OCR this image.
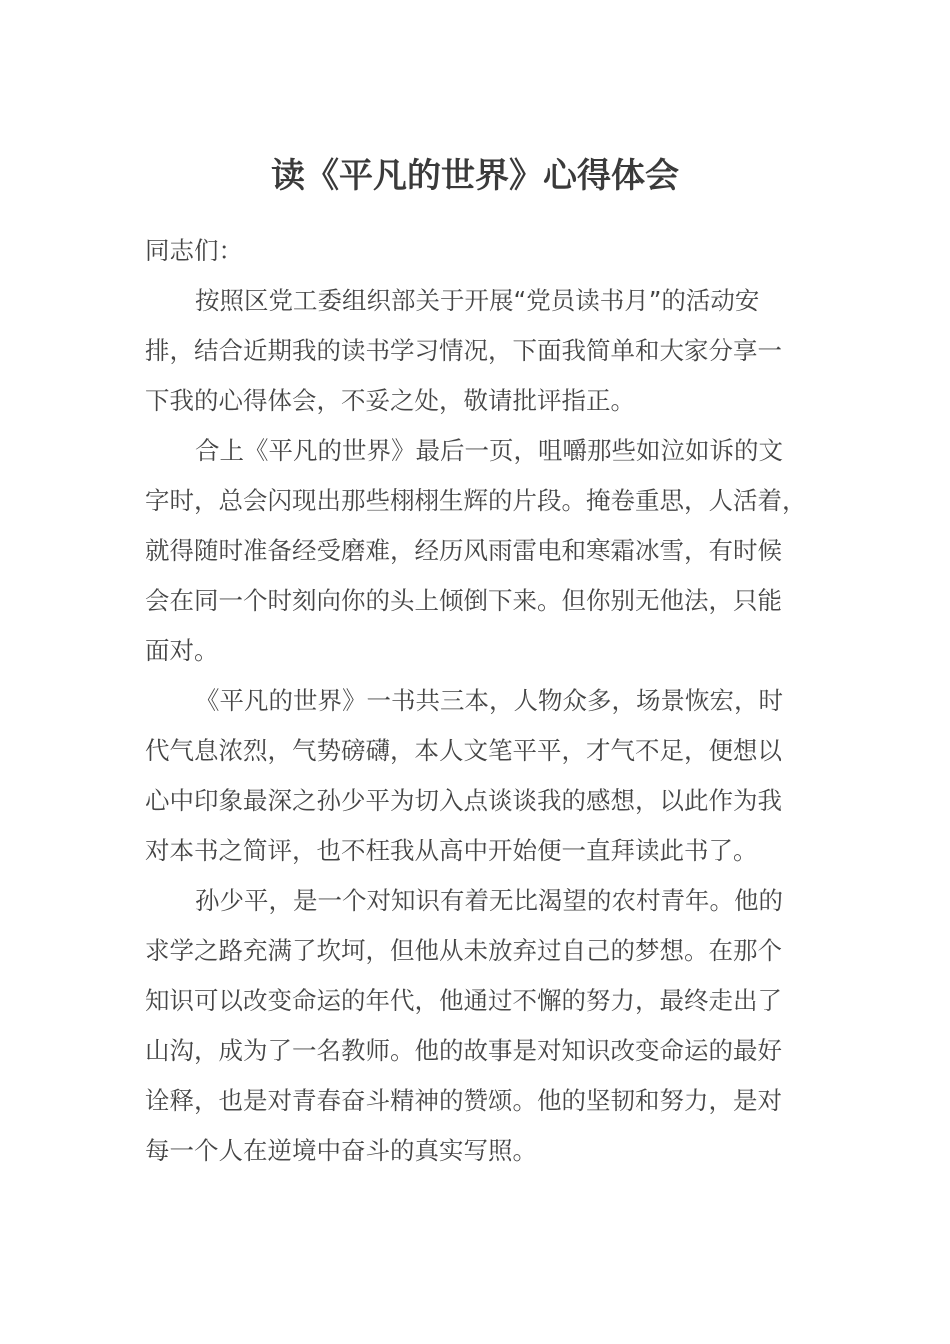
读《平凡的世界》心得体会

同志们：

按照区党工委组织部关于开展“党员读书月”的活动安
排，结合近期我的读书学习情况，下面我简单和大家分享一
下我的心得体会，不妥之处，敬请批评指正。

合上《平凡的世界》最后一页，咀嚼那些如泣如诉的文
字时，总会闪现出那些栩栩生辉的片段。掩卷重思，人活着，
就得随时准备经受磨难，经历风雨雷电和寒霜冰雪，有时候
会在同一个时刻向你的头上倾倒下来。但你别无他法，只能
面对。

《平凡的世界》一书共三本，人物众多，场景恢宏，时
代气息浓烈，气势磅礴，本人文笔平平，才气不足，便想以
心中印象最深之孙少平为切入点谈谈我的感想，以此作为我
对本书之简评，也不枉我从高中开始便一直拜读此书了。

孙少平，是一个对知识有着无比渴望的农村青年。他的
求学之路充满了坎坷，但他从未放弃过自己的梦想。在那个
知识可以改变命运的年代，他通过不懈的努力，最终走出了
山沟，成为了一名教师。他的故事是对知识改变命运的最好
诠释，也是对青春奋斗精神的赞颂。他的坚韧和努力，是对
每一个人在逆境中奋斗的真实写照。
